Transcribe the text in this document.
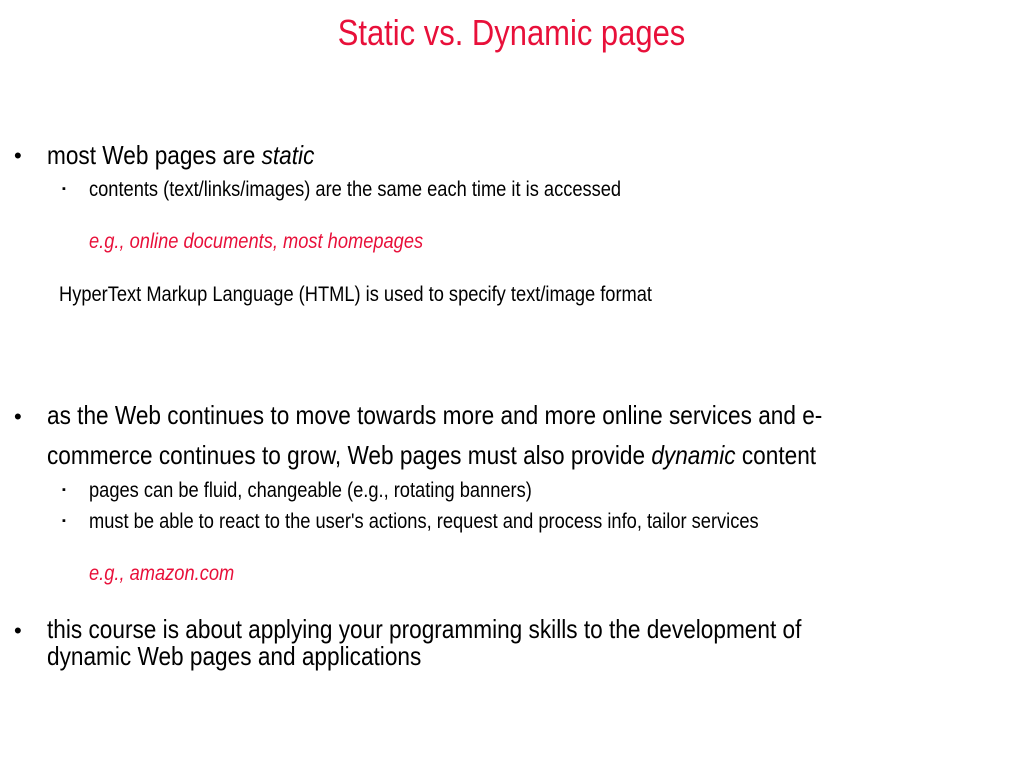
Static vs. Dynamic pages
• most Web pages are static
▪ contents (text/links/images) are the same each time it is accessed
e.g., online documents, most homepages
HyperText Markup Language (HTML) is used to specify text/image format
• as the Web continues to move towards more and more online services and e-
commerce continues to grow, Web pages must also provide dynamic content
▪ pages can be fluid, changeable (e.g., rotating banners)
▪ must be able to react to the user's actions, request and process info, tailor services
e.g., amazon.com
• this course is about applying your programming skills to the development of
dynamic Web pages and applications
